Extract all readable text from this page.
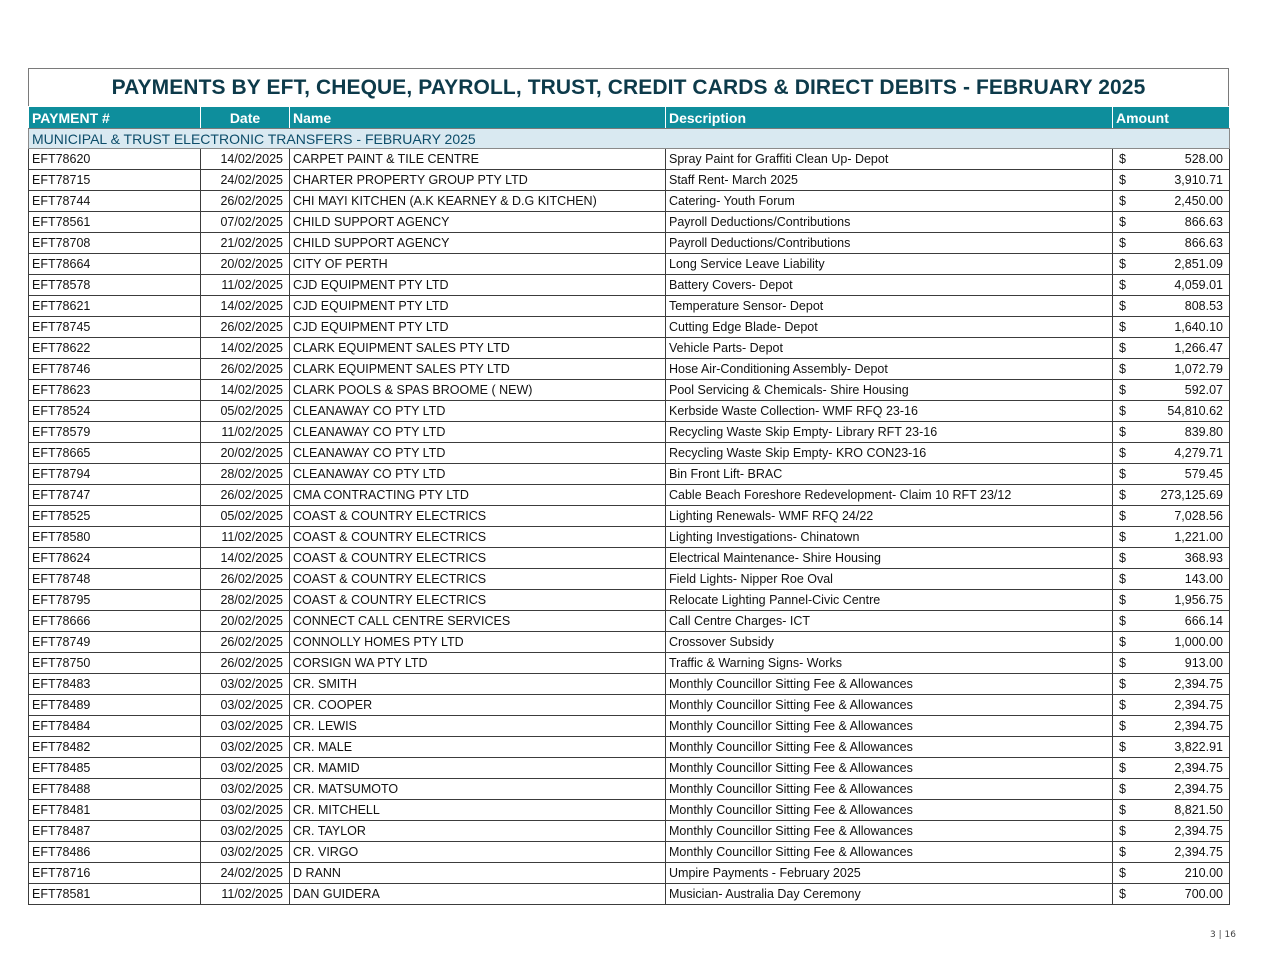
PAYMENTS BY EFT, CHEQUE, PAYROLL, TRUST, CREDIT CARDS & DIRECT DEBITS - FEBRUARY 2025
PAYMENT #	Date	Name	Description	Amount
MUNICIPAL & TRUST ELECTRONIC TRANSFERS - FEBRUARY 2025				
EFT78620	14/02/2025	CARPET PAINT & TILE CENTRE	Spray Paint for Graffiti Clean Up- Depot	$ 528.00

EFT78715	24/02/2025	CHARTER PROPERTY GROUP PTY LTD	Staff Rent- March 2025	$ 3,910.71

EFT78744	26/02/2025	CHI MAYI KITCHEN (A.K KEARNEY & D.G KITCHEN)	Catering- Youth Forum	$ 2,450.00

EFT78561	07/02/2025	CHILD SUPPORT AGENCY	Payroll Deductions/Contributions	$ 866.63

EFT78708	21/02/2025	CHILD SUPPORT AGENCY	Payroll Deductions/Contributions	$ 866.63

EFT78664	20/02/2025	CITY OF PERTH	Long Service Leave Liability	$ 2,851.09

EFT78578	11/02/2025	CJD EQUIPMENT PTY LTD	Battery Covers- Depot	$ 4,059.01

EFT78621	14/02/2025	CJD EQUIPMENT PTY LTD	Temperature Sensor- Depot	$ 808.53

EFT78745	26/02/2025	CJD EQUIPMENT PTY LTD	Cutting Edge Blade- Depot	$ 1,640.10

EFT78622	14/02/2025	CLARK EQUIPMENT SALES PTY LTD	Vehicle Parts- Depot	$ 1,266.47

EFT78746	26/02/2025	CLARK EQUIPMENT SALES PTY LTD	Hose Air-Conditioning Assembly- Depot	$ 1,072.79

EFT78623	14/02/2025	CLARK POOLS & SPAS BROOME ( NEW)	Pool Servicing & Chemicals- Shire Housing	$ 592.07

EFT78524	05/02/2025	CLEANAWAY CO PTY LTD	Kerbside Waste Collection- WMF RFQ 23-16	$ 54,810.62

EFT78579	11/02/2025	CLEANAWAY CO PTY LTD	Recycling Waste Skip Empty- Library RFT 23-16	$ 839.80

EFT78665	20/02/2025	CLEANAWAY CO PTY LTD	Recycling Waste Skip Empty- KRO CON23-16	$ 4,279.71

EFT78794	28/02/2025	CLEANAWAY CO PTY LTD	Bin Front Lift- BRAC	$ 579.45

EFT78747	26/02/2025	CMA CONTRACTING PTY LTD	Cable Beach Foreshore Redevelopment- Claim 10 RFT 23/12	$ 273,125.69

EFT78525	05/02/2025	COAST & COUNTRY ELECTRICS	Lighting Renewals- WMF RFQ 24/22	$ 7,028.56

EFT78580	11/02/2025	COAST & COUNTRY ELECTRICS	Lighting Investigations- Chinatown	$ 1,221.00

EFT78624	14/02/2025	COAST & COUNTRY ELECTRICS	Electrical Maintenance- Shire Housing	$ 368.93

EFT78748	26/02/2025	COAST & COUNTRY ELECTRICS	Field Lights- Nipper Roe Oval	$ 143.00

EFT78795	28/02/2025	COAST & COUNTRY ELECTRICS	Relocate Lighting Pannel-Civic Centre	$ 1,956.75

EFT78666	20/02/2025	CONNECT CALL CENTRE SERVICES	Call Centre Charges- ICT	$ 666.14

EFT78749	26/02/2025	CONNOLLY HOMES PTY LTD	Crossover Subsidy	$ 1,000.00

EFT78750	26/02/2025	CORSIGN WA PTY LTD	Traffic & Warning Signs- Works	$ 913.00

EFT78483	03/02/2025	CR. SMITH	Monthly Councillor Sitting Fee & Allowances	$ 2,394.75

EFT78489	03/02/2025	CR. COOPER	Monthly Councillor Sitting Fee & Allowances	$ 2,394.75

EFT78484	03/02/2025	CR. LEWIS	Monthly Councillor Sitting Fee & Allowances	$ 2,394.75

EFT78482	03/02/2025	CR. MALE	Monthly Councillor Sitting Fee & Allowances	$ 3,822.91

EFT78485	03/02/2025	CR. MAMID	Monthly Councillor Sitting Fee & Allowances	$ 2,394.75

EFT78488	03/02/2025	CR. MATSUMOTO	Monthly Councillor Sitting Fee & Allowances	$ 2,394.75

EFT78481	03/02/2025	CR. MITCHELL	Monthly Councillor Sitting Fee & Allowances	$ 8,821.50

EFT78487	03/02/2025	CR. TAYLOR	Monthly Councillor Sitting Fee & Allowances	$ 2,394.75

EFT78486	03/02/2025	CR. VIRGO	Monthly Councillor Sitting Fee & Allowances	$ 2,394.75

EFT78716	24/02/2025	D RANN	Umpire Payments - February 2025	$ 210.00

EFT78581	11/02/2025	DAN GUIDERA	Musician- Australia Day Ceremony	$ 700.00
3 | 16
